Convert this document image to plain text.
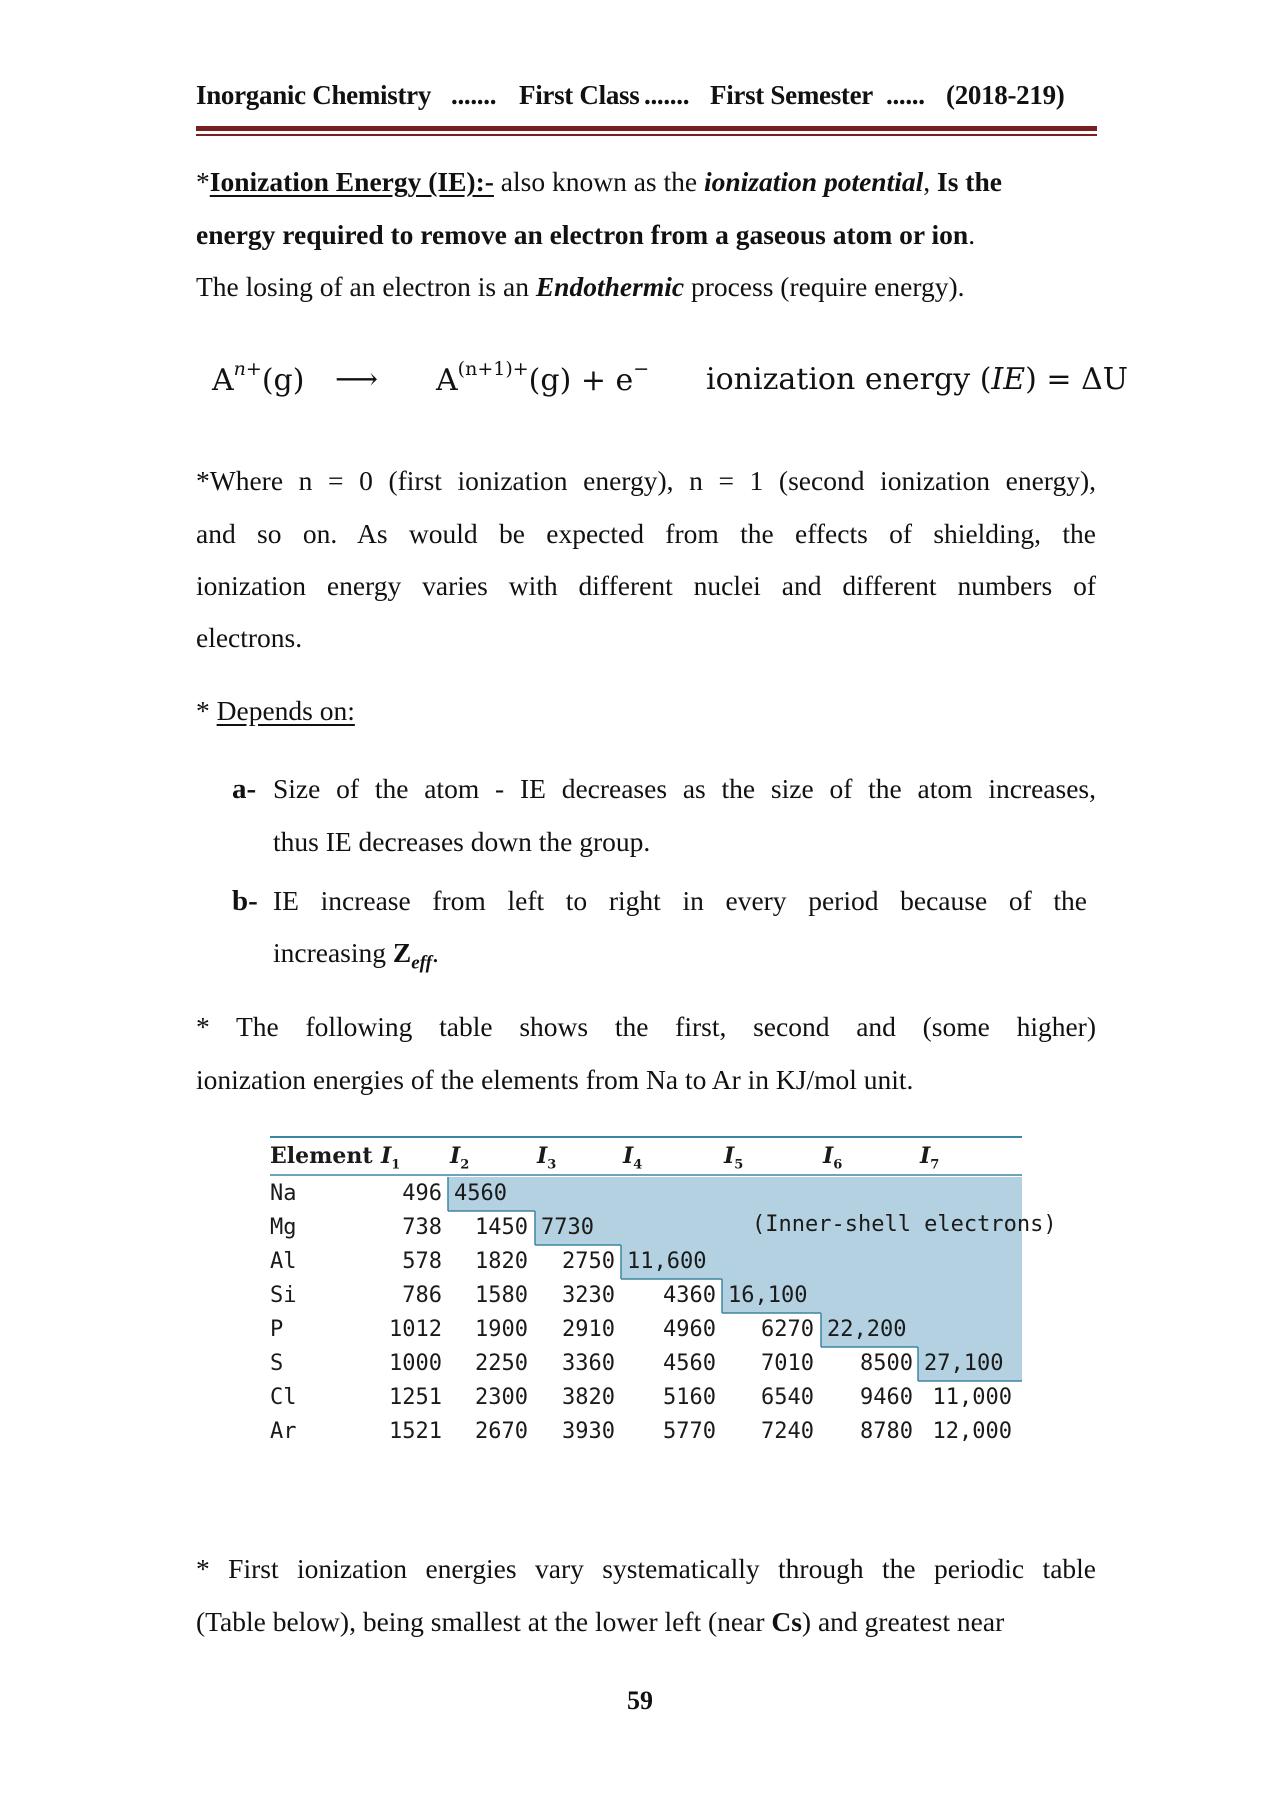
Inorganic Chemistry ....... First Class ....... First Semester ...... (2018-219)
*Ionization Energy (IE):- also known as the ionization potential, Is the
energy required to remove an electron from a gaseous atom or ion.
The losing of an electron is an Endothermic process (require energy).
$A^{n+}(g)$ ⟶ $A^{(n+1)+}(g) + e^-$ ionization energy (IE) = ΔU
*Where n = 0 (first ionization energy), n = 1 (second ionization energy),
and so on. As would be expected from the effects of shielding, the
ionization energy varies with different nuclei and different numbers of
electrons.
* Depends on:
a- Size of the atom - IE decreases as the size of the atom increases,
thus IE decreases down the group.
b- IE increase from left to right in every period because of the
increasing $Z_{eff}$.
* The following table shows the first, second and (some higher)
ionization energies of the elements from Na to Ar in KJ/mol unit.
Element $I_1$ $I_2$	$I_3$	$I_4$	$I_5$	$I_6$	$I_7$
(Inner-shell electrons)
Na	496 4560
Mg	738 1450 7730
Al	578 1820 2750 11,600
Si	786 1580 3230 4360 16,100
P	1012 1900 2910 4960 6270 22,200
S	1000 2250 3360 4560 7010 8500 27,100
Cl	1251 2300 3820 5160 6540 9460 11,000
Ar	1521 2670 3930 5770 7240 8780 12,000
* First ionization energies vary systematically through the periodic table
(Table below), being smallest at the lower left (near Cs) and greatest near
59
